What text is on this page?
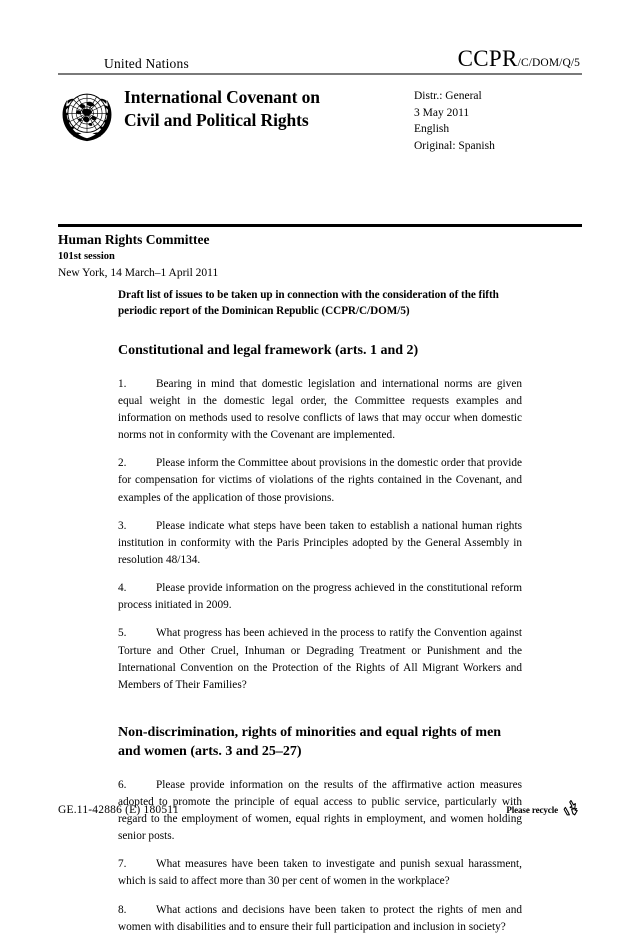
United Nations	CCPR/C/DOM/Q/5
International Covenant on
Civil and Political Rights
Distr.: General
3 May 2011
English
Original: Spanish
Human Rights Committee
101st session
New York, 14 March–1 April 2011
Draft list of issues to be taken up in connection with the consideration of the fifth periodic report of the Dominican Republic (CCPR/C/DOM/5)
Constitutional and legal framework (arts. 1 and 2)

1.	Bearing in mind that domestic legislation and international norms are given equal weight in the domestic legal order, the Committee requests examples and information on methods used to resolve conflicts of laws that may occur when domestic norms not in conformity with the Covenant are implemented.

2.	Please inform the Committee about provisions in the domestic order that provide for compensation for victims of violations of the rights contained in the Covenant, and examples of the application of those provisions.

3.	Please indicate what steps have been taken to establish a national human rights institution in conformity with the Paris Principles adopted by the General Assembly in resolution 48/134.

4.	Please provide information on the progress achieved in the constitutional reform process initiated in 2009.

5.	What progress has been achieved in the process to ratify the Convention against Torture and Other Cruel, Inhuman or Degrading Treatment or Punishment and the International Convention on the Protection of the Rights of All Migrant Workers and Members of Their Families?

Non-discrimination, rights of minorities and equal rights of men and women (arts. 3 and 25–27)

6.	Please provide information on the results of the affirmative action measures adopted to promote the principle of equal access to public service, particularly with regard to the employment of women, equal rights in employment, and women holding senior posts.

7.	What measures have been taken to investigate and punish sexual harassment, which is said to affect more than 30 per cent of women in the workplace?

8.	What actions and decisions have been taken to protect the rights of men and women with disabilities and to ensure their full participation and inclusion in society?

GE.11-42886 (E) 180511	Please recycle
